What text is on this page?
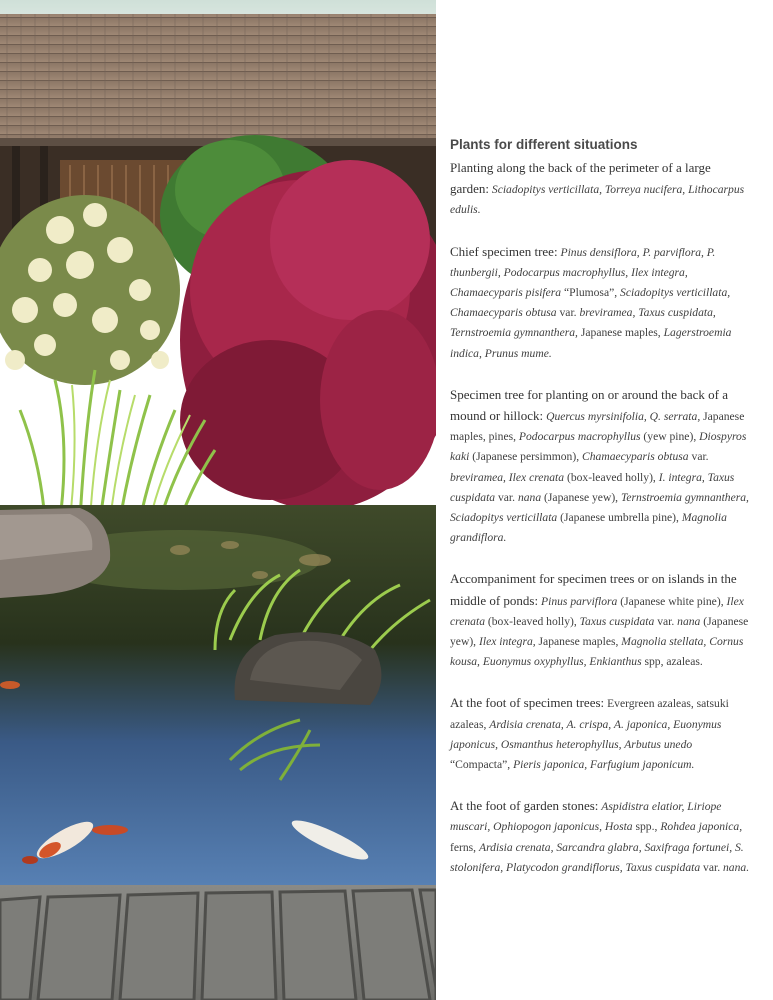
Plants for different situations

Planting along the back of the perimeter of a large garden: Sciadopitys verticillata, Torreya nucifera, Lithocarpus edulis.

Chief specimen tree: Pinus densiflora, P. parviflora, P. thunbergii, Podocarpus macrophyllus, Ilex integra, Chamaecyparis pisifera “Plumosa”, Sciadopitys verticillata, Chamaecyparis obtusa var. breviramea, Taxus cuspidata, Ternstroemia gymnanthera, Japanese maples, Lagerstroemia indica, Prunus mume.

Specimen tree for planting on or around the back of a mound or hillock: Quercus myrsinifolia, Q. serrata, Japanese maples, pines, Podocarpus macrophyllus (yew pine), Diospyros kaki (Japanese persimmon), Chamaecyparis obtusa var. breviramea, Ilex crenata (box-leaved holly), I. integra, Taxus cuspidata var. nana (Japanese yew), Ternstroemia gymnanthera, Sciadopitys verticillata (Japanese umbrella pine), Magnolia grandiflora.

Accompaniment for specimen trees or on islands in the middle of ponds: Pinus parviflora (Japanese white pine), Ilex crenata (box-leaved holly), Taxus cuspidata var. nana (Japanese yew), Ilex integra, Japanese maples, Magnolia stellata, Cornus kousa, Euonymus oxyphyllus, Enkianthus spp, azaleas.

At the foot of specimen trees: Evergreen azaleas, satsuki azaleas, Ardisia crenata, A. crispa, A. japonica, Euonymus japonicus, Osmanthus heterophyllus, Arbutus unedo “Compacta”, Pieris japonica, Farfugium japonicum.

At the foot of garden stones: Aspidistra elatior, Liriope muscari, Ophiopogon japonicus, Hosta spp., Rohdea japonica, ferns, Ardisia crenata, Sarcandra glabra, Saxifraga fortunei, S. stolonifera, Platycodon grandiflorus, Taxus cuspidata var. nana.
